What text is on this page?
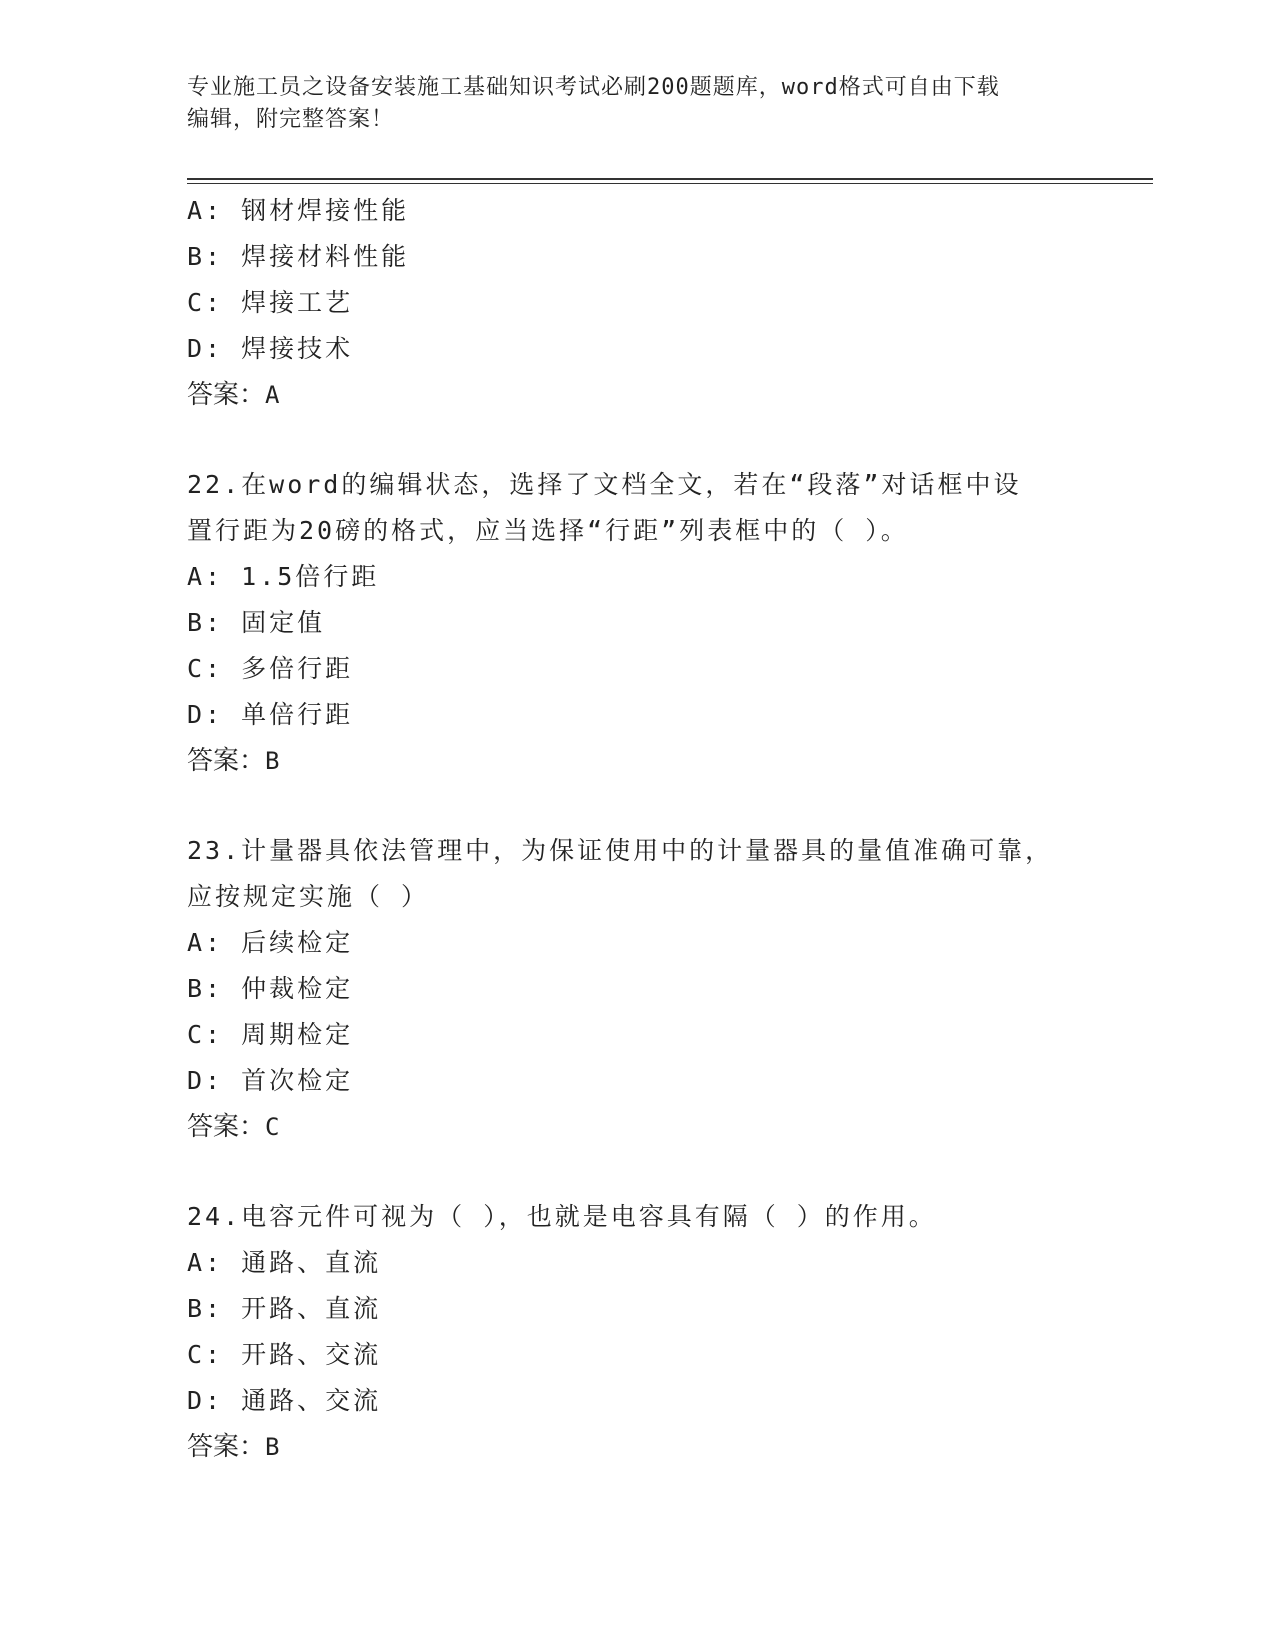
专业施工员之设备安装施工基础知识考试必刷200题题库，word格式可自由下载
编辑，附完整答案！
A: 钢材焊接性能
B: 焊接材料性能
C: 焊接工艺
D: 焊接技术
答案：A
22.在word的编辑状态，选择了文档全文，若在“段落”对话框中设
置行距为20磅的格式，应当选择“行距”列表框中的（ ）。
A: 1.5倍行距
B: 固定值
C: 多倍行距
D: 单倍行距
答案：B
23.计量器具依法管理中，为保证使用中的计量器具的量值准确可靠，
应按规定实施（ ）
A: 后续检定
B: 仲裁检定
C: 周期检定
D: 首次检定
答案：C
24.电容元件可视为（ ），也就是电容具有隔（ ）的作用。
A: 通路、直流
B: 开路、直流
C: 开路、交流
D: 通路、交流
答案：B
